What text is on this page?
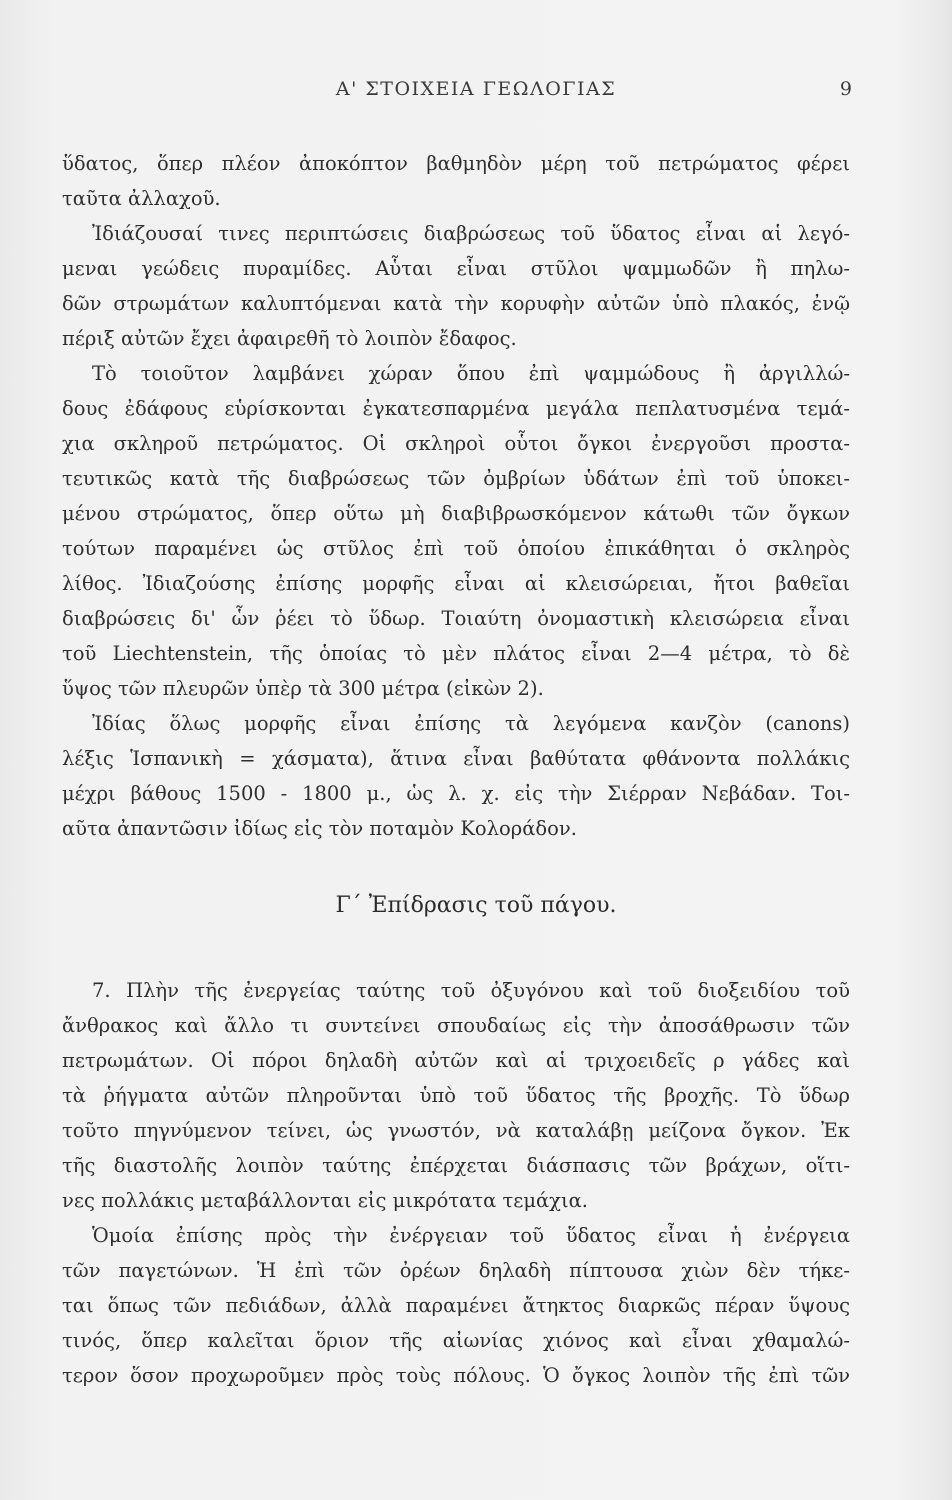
Α' ΣΤΟΙΧΕΙΑ ΓΕΩΛΟΓΙΑΣ	9
ὕδατος, ὅπερ πλέον ἀποκόπτον βαθμηδὸν μέρη τοῦ πετρώματος φέρει
ταῦτα ἀλλαχοῦ.
Ἰδιάζουσαί τινες περιπτώσεις διαβρώσεως τοῦ ὕδατος εἶναι αἱ λεγό-
μεναι γεώδεις πυραμίδες. Αὗται εἶναι στῦλοι ψαμμωδῶν ἢ πηλω-
δῶν στρωμάτων καλυπτόμεναι κατὰ τὴν κορυφὴν αὐτῶν ὑπὸ πλακός, ἐνῷ
πέριξ αὐτῶν ἔχει ἀφαιρεθῆ τὸ λοιπὸν ἔδαφος.
Τὸ τοιοῦτον λαμβάνει χώραν ὅπου ἐπὶ ψαμμώδους ἢ ἀργιλλώ-
δους ἐδάφους εὑρίσκονται ἐγκατεσπαρμένα μεγάλα πεπλατυσμένα τεμά-
χια σκληροῦ πετρώματος. Οἱ σκληροὶ οὗτοι ὄγκοι ἐνεργοῦσι προστα-
τευτικῶς κατὰ τῆς διαβρώσεως τῶν ὀμβρίων ὑδάτων ἐπὶ τοῦ ὑποκει-
μένου στρώματος, ὅπερ οὕτω μὴ διαβιβρωσκόμενον κάτωθι τῶν ὄγκων
τούτων παραμένει ὡς στῦλος ἐπὶ τοῦ ὁποίου ἐπικάθηται ὁ σκληρὸς
λίθος. Ἰδιαζούσης ἐπίσης μορφῆς εἶναι αἱ κλεισώρειαι, ἤτοι βαθεῖαι
διαβρώσεις δι' ὧν ῥέει τὸ ὕδωρ. Τοιαύτη ὀνομαστικὴ κλεισώρεια εἶναι
τοῦ Liechtenstein, τῆς ὁποίας τὸ μὲν πλάτος εἶναι 2—4 μέτρα, τὸ δὲ
ὕψος τῶν πλευρῶν ὑπὲρ τὰ 300 μέτρα (εἰκὼν 2).
Ἰδίας ὅλως μορφῆς εἶναι ἐπίσης τὰ λεγόμενα κανζὸν (canons)
λέξις Ἱσπανικὴ = χάσματα), ἅτινα εἶναι βαθύτατα φθάνοντα πολλάκις
μέχρι βάθους 1500 - 1800 μ., ὡς λ. χ. εἰς τὴν Σιέρραν Νεβάδαν. Τοι-
αῦτα ἀπαντῶσιν ἰδίως εἰς τὸν ποταμὸν Κολοράδον.
Γ΄ Ἐπίδρασις τοῦ πάγου.
7. Πλὴν τῆς ἐνεργείας ταύτης τοῦ ὀξυγόνου καὶ τοῦ διοξειδίου τοῦ
ἄνθρακος καὶ ἄλλο τι συντείνει σπουδαίως εἰς τὴν ἀποσάθρωσιν τῶν
πετρωμάτων. Οἱ πόροι δηλαδὴ αὐτῶν καὶ αἱ τριχοειδεῖς ρ γάδες καὶ
τὰ ῥήγματα αὐτῶν πληροῦνται ὑπὸ τοῦ ὕδατος τῆς βροχῆς. Τὸ ὕδωρ
τοῦτο πηγνύμενον τείνει, ὡς γνωστόν, νὰ καταλάβῃ μείζονα ὄγκον. Ἐκ
τῆς διαστολῆς λοιπὸν ταύτης ἐπέρχεται διάσπασις τῶν βράχων, οἵτι-
νες πολλάκις μεταβάλλονται εἰς μικρότατα τεμάχια.
Ὁμοία ἐπίσης πρὸς τὴν ἐνέργειαν τοῦ ὕδατος εἶναι ἡ ἐνέργεια
τῶν παγετώνων. Ἡ ἐπὶ τῶν ὀρέων δηλαδὴ πίπτουσα χιὼν δὲν τήκε-
ται ὅπως τῶν πεδιάδων, ἀλλὰ παραμένει ἄτηκτος διαρκῶς πέραν ὕψους
τινός, ὅπερ καλεῖται ὅριον τῆς αἰωνίας χιόνος καὶ εἶναι χθαμαλώ-
τερον ὅσον προχωροῦμεν πρὸς τοὺς πόλους. Ὁ ὄγκος λοιπὸν τῆς ἐπὶ τῶν
